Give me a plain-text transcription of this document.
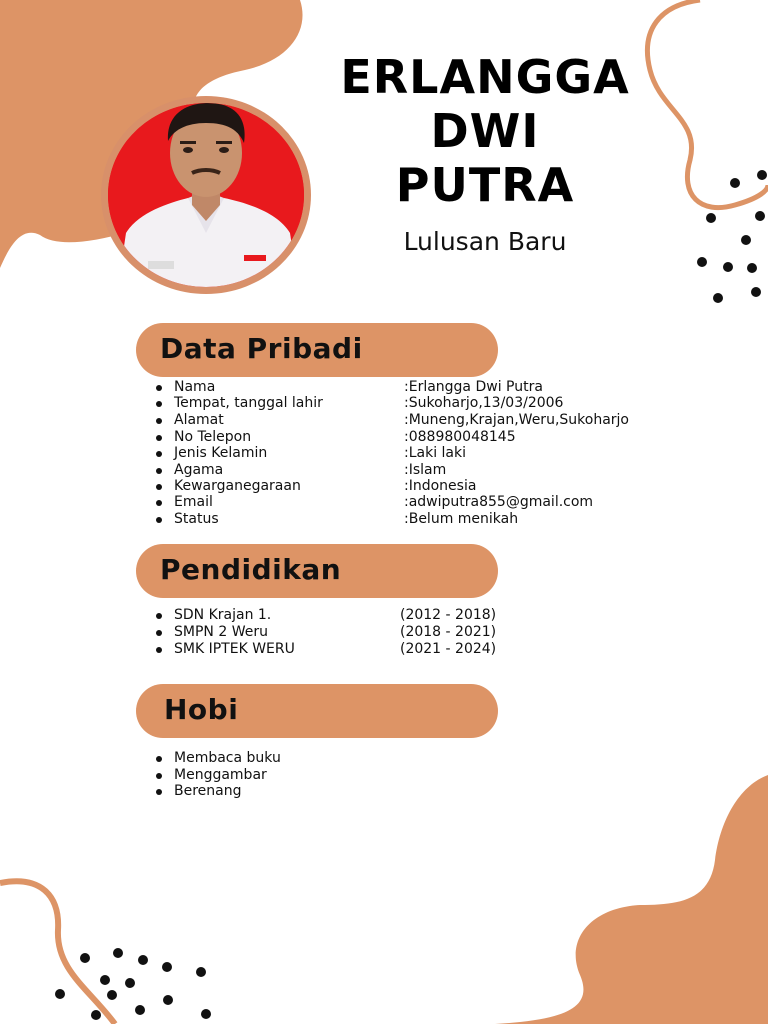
ERLANGGA
DWI
PUTRA
Lulusan Baru
Data Pribadi
Nama	:Erlangga Dwi Putra
Tempat, tanggal lahir	:Sukoharjo,13/03/2006
Alamat	:Muneng,Krajan,Weru,Sukoharjo
No Telepon	:088980048145
Jenis Kelamin	:Laki laki
Agama	:Islam
Kewarganegaraan	:Indonesia
Email	:adwiputra855@gmail.com
Status	:Belum menikah
Pendidikan
SDN Krajan 1.	(2012 - 2018)
SMPN 2 Weru	(2018 - 2021)
SMK IPTEK WERU	(2021 - 2024)
Hobi
Membaca buku
Menggambar
Berenang
